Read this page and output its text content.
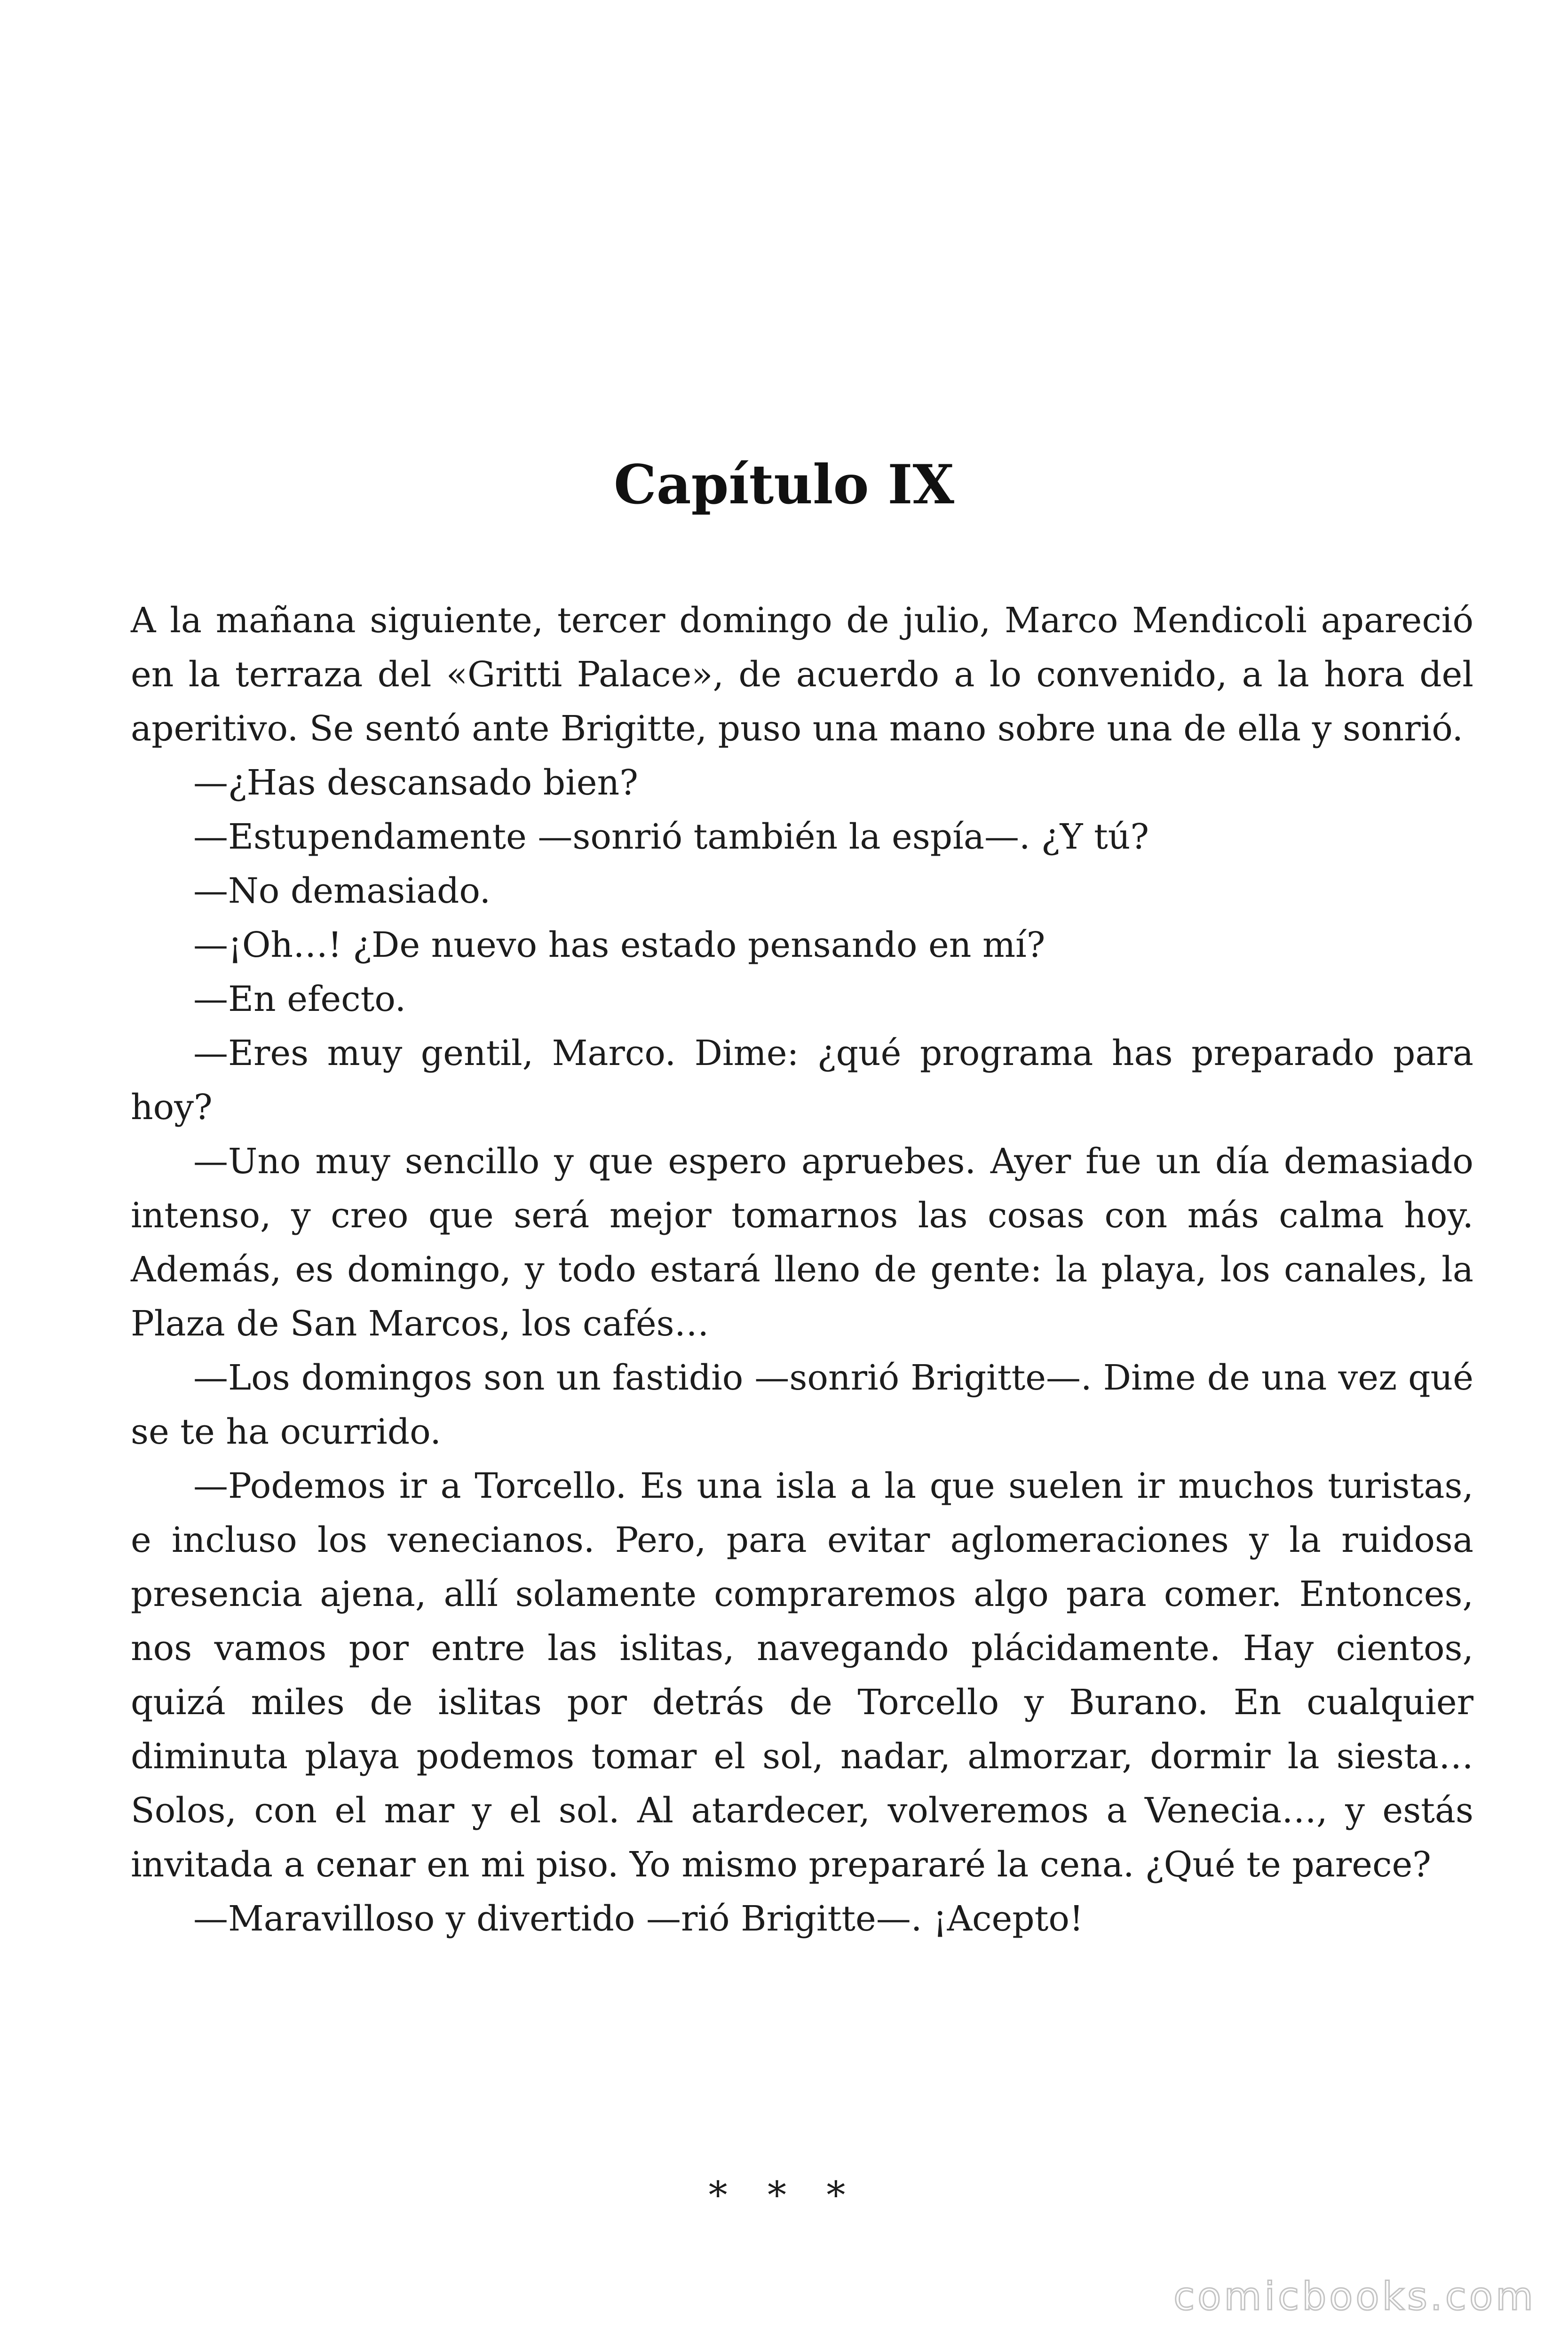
Capítulo IX

A la mañana siguiente, tercer domingo de julio, Marco Mendicoli apareció en la terraza del «Gritti Palace», de acuerdo a lo convenido, a la hora del aperitivo. Se sentó ante Brigitte, puso una mano sobre una de ella y sonrió.

—¿Has descansado bien?

—Estupendamente —sonrió también la espía—. ¿Y tú?

—No demasiado.

—¡Oh…! ¿De nuevo has estado pensando en mí?

—En efecto.

—Eres muy gentil, Marco. Dime: ¿qué programa has preparado para hoy?

—Uno muy sencillo y que espero apruebes. Ayer fue un día demasiado intenso, y creo que será mejor tomarnos las cosas con más calma hoy. Además, es domingo, y todo estará lleno de gente: la playa, los canales, la Plaza de San Marcos, los cafés…

—Los domingos son un fastidio —sonrió Brigitte—. Dime de una vez qué se te ha ocurrido.

—Podemos ir a Torcello. Es una isla a la que suelen ir muchos turistas, e incluso los venecianos. Pero, para evitar aglomeraciones y la ruidosa presencia ajena, allí solamente compraremos algo para comer. Entonces, nos vamos por entre las islitas, navegando plácidamente. Hay cientos, quizá miles de islitas por detrás de Torcello y Burano. En cualquier diminuta playa podemos tomar el sol, nadar, almorzar, dormir la siesta… Solos, con el mar y el sol. Al atardecer, volveremos a Venecia…, y estás invitada a cenar en mi piso. Yo mismo prepararé la cena. ¿Qué te parece?

—Maravilloso y divertido —rió Brigitte—. ¡Acepto!

* * *
comicbooks.com
